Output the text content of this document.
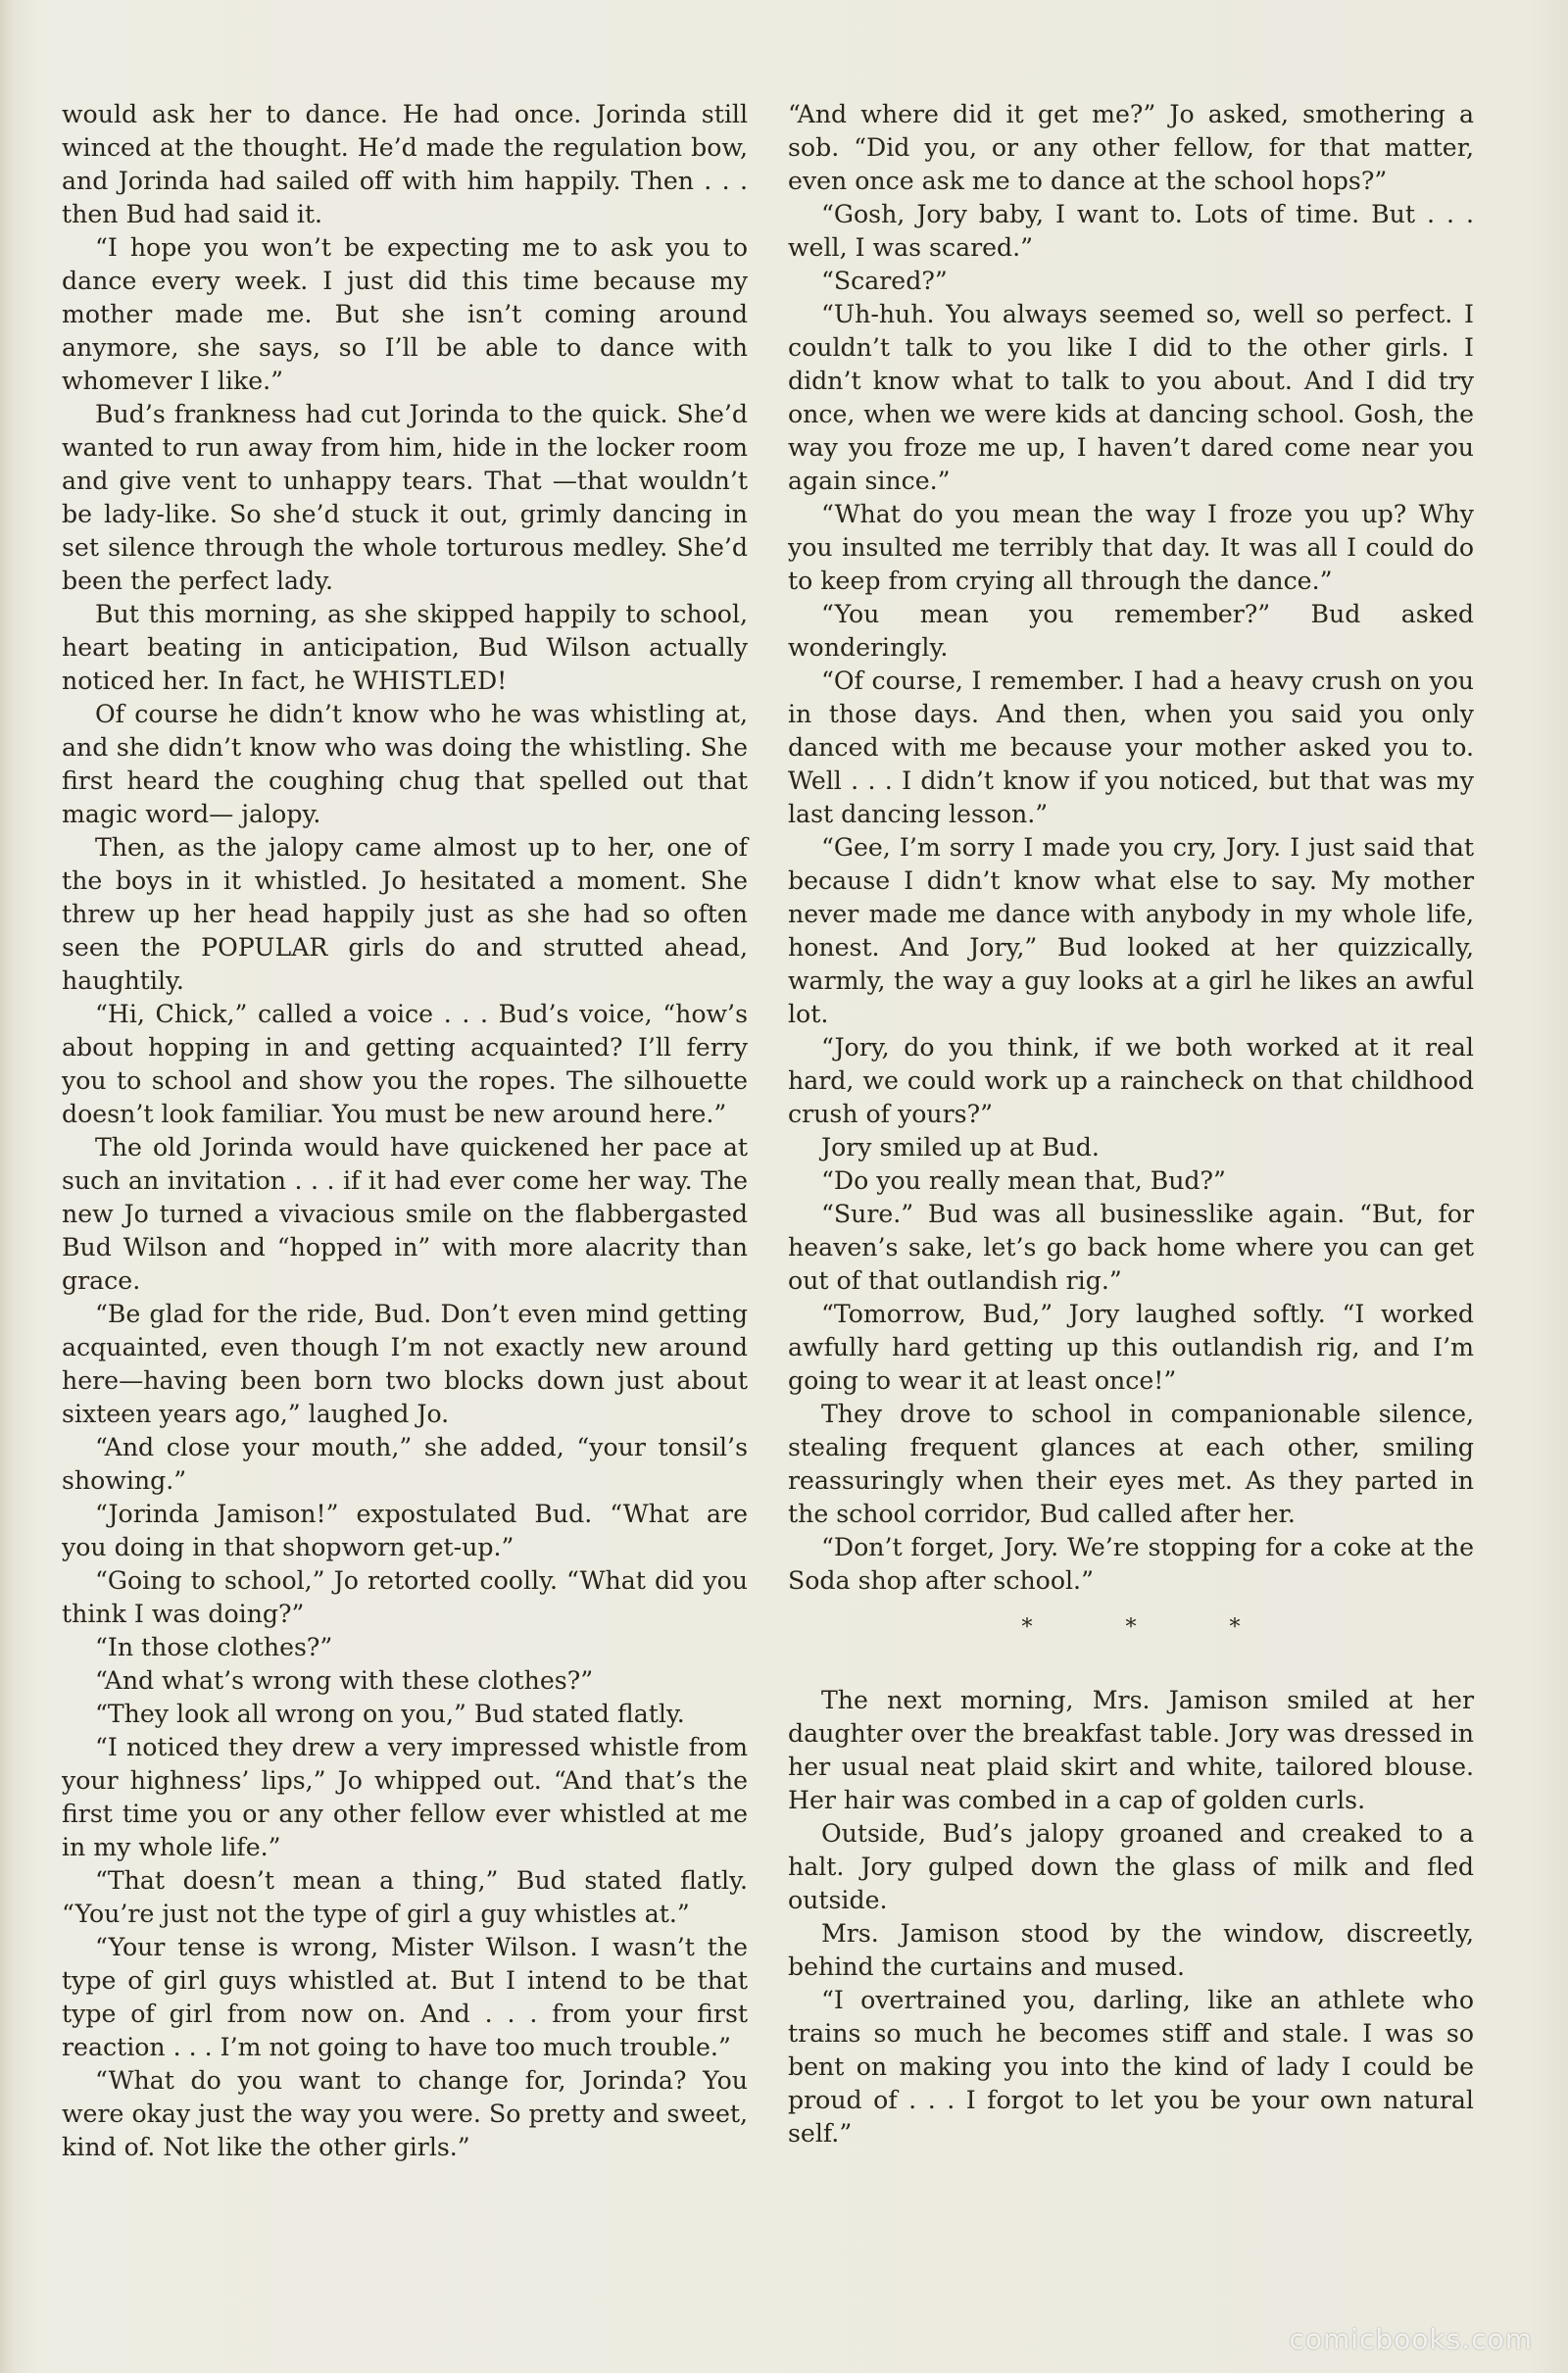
would ask her to dance. He had once. Jorinda still winced at the thought. He’d made the regulation bow, and Jorinda had sailed off with him happily. Then . . . then Bud had said it.

“I hope you won’t be expecting me to ask you to dance every week. I just did this time because my mother made me. But she isn’t coming around anymore, she says, so I’ll be able to dance with whomever I like.”

Bud’s frankness had cut Jorinda to the quick. She’d wanted to run away from him, hide in the locker room and give vent to unhappy tears. That —that wouldn’t be lady-like. So she’d stuck it out, grimly dancing in set silence through the whole torturous medley. She’d been the perfect lady.

But this morning, as she skipped happily to school, heart beating in anticipation, Bud Wilson actually noticed her. In fact, he WHISTLED!

Of course he didn’t know who he was whistling at, and she didn’t know who was doing the whistling. She first heard the coughing chug that spelled out that magic word— jalopy.

Then, as the jalopy came almost up to her, one of the boys in it whistled. Jo hesitated a moment. She threw up her head happily just as she had so often seen the POPULAR girls do and strutted ahead, haughtily.

“Hi, Chick,” called a voice . . . Bud’s voice, “how’s about hopping in and getting acquainted? I’ll ferry you to school and show you the ropes. The silhouette doesn’t look familiar. You must be new around here.”

The old Jorinda would have quickened her pace at such an invitation . . . if it had ever come her way. The new Jo turned a vivacious smile on the flabbergasted Bud Wilson and “hopped in” with more alacrity than grace.

“Be glad for the ride, Bud. Don’t even mind getting acquainted, even though I’m not exactly new around here—having been born two blocks down just about sixteen years ago,” laughed Jo.

“And close your mouth,” she added, “your tonsil’s showing.”

“Jorinda Jamison!” expostulated Bud. “What are you doing in that shopworn get-up.”

“Going to school,” Jo retorted coolly. “What did you think I was doing?”

“In those clothes?”

“And what’s wrong with these clothes?”

“They look all wrong on you,” Bud stated flatly.

“I noticed they drew a very impressed whistle from your highness’ lips,” Jo whipped out. “And that’s the first time you or any other fellow ever whistled at me in my whole life.”

“That doesn’t mean a thing,” Bud stated flatly. “You’re just not the type of girl a guy whistles at.”

“Your tense is wrong, Mister Wilson. I wasn’t the type of girl guys whistled at. But I intend to be that type of girl from now on. And . . . from your first reaction . . . I’m not going to have too much trouble.”

“What do you want to change for, Jorinda? You were okay just the way you were. So pretty and sweet, kind of. Not like the other girls.”

“And where did it get me?” Jo asked, smothering a sob. “Did you, or any other fellow, for that matter, even once ask me to dance at the school hops?”

“Gosh, Jory baby, I want to. Lots of time. But . . . well, I was scared.”

“Scared?”

“Uh-huh. You always seemed so, well so perfect. I couldn’t talk to you like I did to the other girls. I didn’t know what to talk to you about. And I did try once, when we were kids at dancing school. Gosh, the way you froze me up, I haven’t dared come near you again since.”

“What do you mean the way I froze you up? Why you insulted me terribly that day. It was all I could do to keep from crying all through the dance.”

“You mean you remember?” Bud asked wonderingly.

“Of course, I remember. I had a heavy crush on you in those days. And then, when you said you only danced with me because your mother asked you to. Well . . . I didn’t know if you noticed, but that was my last dancing lesson.”

“Gee, I’m sorry I made you cry, Jory. I just said that because I didn’t know what else to say. My mother never made me dance with anybody in my whole life, honest. And Jory,” Bud looked at her quizzically, warmly, the way a guy looks at a girl he likes an awful lot.

“Jory, do you think, if we both worked at it real hard, we could work up a raincheck on that childhood crush of yours?”

Jory smiled up at Bud.

“Do you really mean that, Bud?”

“Sure.” Bud was all businesslike again. “But, for heaven’s sake, let’s go back home where you can get out of that outlandish rig.”

“Tomorrow, Bud,” Jory laughed softly. “I worked awfully hard getting up this outlandish rig, and I’m going to wear it at least once!”

They drove to school in companionable silence, stealing frequent glances at each other, smiling reassuringly when their eyes met. As they parted in the school corridor, Bud called after her.

“Don’t forget, Jory. We’re stopping for a coke at the Soda shop after school.”

* * *

The next morning, Mrs. Jamison smiled at her daughter over the breakfast table. Jory was dressed in her usual neat plaid skirt and white, tailored blouse. Her hair was combed in a cap of golden curls.

Outside, Bud’s jalopy groaned and creaked to a halt. Jory gulped down the glass of milk and fled outside.

Mrs. Jamison stood by the window, discreetly, behind the curtains and mused.

“I overtrained you, darling, like an athlete who trains so much he becomes stiff and stale. I was so bent on making you into the kind of lady I could be proud of . . . I forgot to let you be your own natural self.”

comicbooks.com
